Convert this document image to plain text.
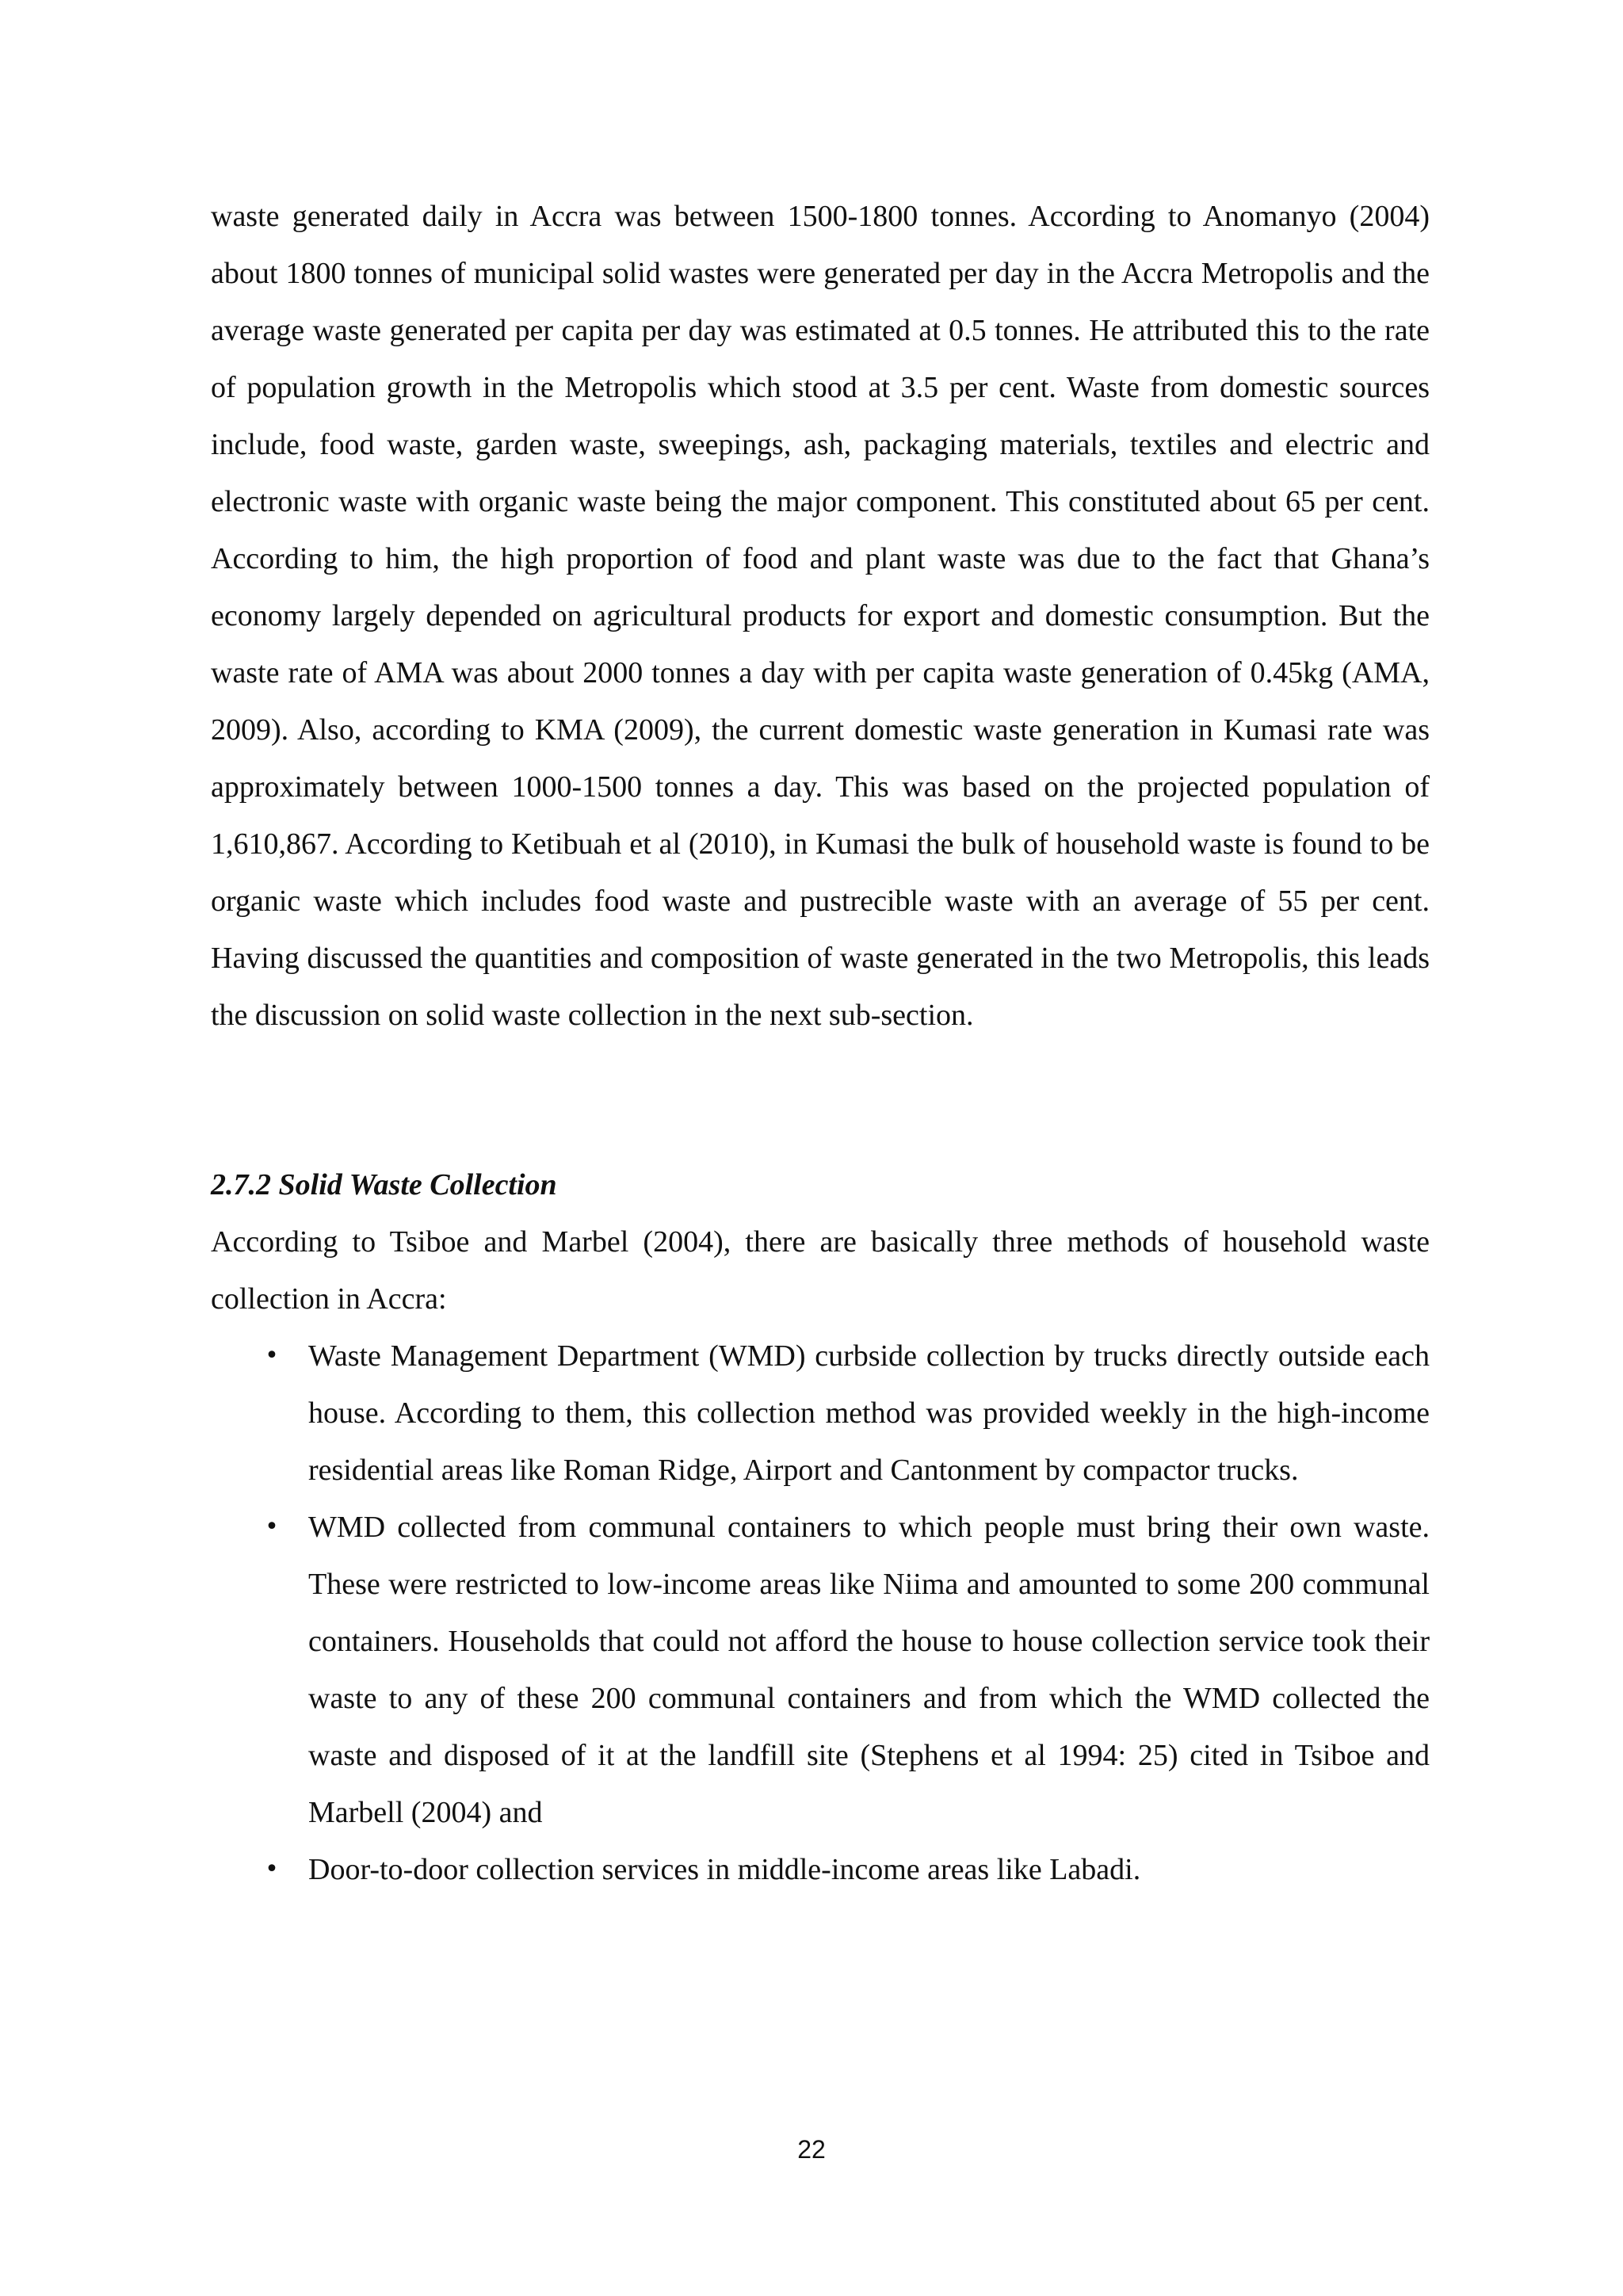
waste generated daily in Accra was between 1500-1800 tonnes. According to Anomanyo (2004) about 1800 tonnes of municipal solid wastes were generated per day in the Accra Metropolis and the average waste generated per capita per day was estimated at 0.5 tonnes. He attributed this to the rate of population growth in the Metropolis which stood at 3.5 per cent. Waste from domestic sources include, food waste, garden waste, sweepings, ash, packaging materials, textiles and electric and electronic waste with organic waste being the major component. This constituted about 65 per cent. According to him, the high proportion of food and plant waste was due to the fact that Ghana’s economy largely depended on agricultural products for export and domestic consumption. But the waste rate of AMA was about 2000 tonnes a day with per capita waste generation of 0.45kg (AMA, 2009). Also, according to KMA (2009), the current domestic waste generation in Kumasi rate was approximately between 1000-1500 tonnes a day. This was based on the projected population of 1,610,867. According to Ketibuah et al (2010), in Kumasi the bulk of household waste is found to be organic waste which includes food waste and pustrecible waste with an average of 55 per cent. Having discussed the quantities and composition of waste generated in the two Metropolis, this leads the discussion on solid waste collection in the next sub-section.

2.7.2 Solid Waste Collection

According to Tsiboe and Marbel (2004), there are basically three methods of household waste collection in Accra:

• Waste Management Department (WMD) curbside collection by trucks directly outside each house. According to them, this collection method was provided weekly in the high-income residential areas like Roman Ridge, Airport and Cantonment by compactor trucks.
• WMD collected from communal containers to which people must bring their own waste. These were restricted to low-income areas like Niima and amounted to some 200 communal containers. Households that could not afford the house to house collection service took their waste to any of these 200 communal containers and from which the WMD collected the waste and disposed of it at the landfill site (Stephens et al 1994: 25) cited in Tsiboe and Marbell (2004) and
• Door-to-door collection services in middle-income areas like Labadi.
22
